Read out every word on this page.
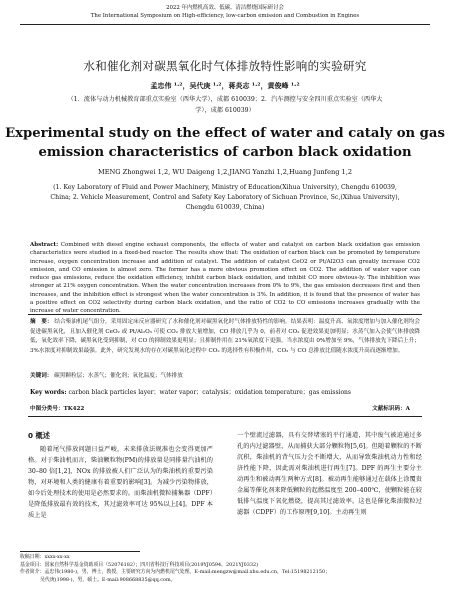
2022 年内燃机高效、低碳、清洁燃烧国际研讨会
The International Symposium on High-efficiency, low-carbon emission and Combustion in Engines
水和催化剂对碳黑氧化时气体排放特性影响的实验研究
孟忠伟 ¹·²，吴代庚 ¹·²，蒋炎志 ¹·²，黄俊峰 ¹·²
（1．流体与动力机械教育部重点实验室（西华大学），成都 610039；2．汽车测控与安全四川重点实验室（西华大学），成都 610039）
Experimental study on the effect of water and cataly on gas emission characteristics of carbon black oxidation
MENG Zhongwei 1,2, WU Daigeng 1,2,JIANG Yanzhi 1,2,Huang Junfeng 1,2
(1. Key Laboratory of Fluid and Power Machinery, Ministry of Education(Xihua University), Chengdu 610039, China; 2. Vehicle Measurement, Control and Safety Key Laboratory of Sichuan Province, Sc,(Xihua University), Chengdu 610039, China)
Abstract: Combined with diesel engine exhaust components, the effects of water and catalyst on carbon black oxidation gas emission characteristics were studied in a fixed-bed reactor. The results show that: The oxidation of carbon black can be promoted by temperature increase, oxygen concentration increase and addition of catalyst. The addition of catalyst CeO2 or Pt/Al2O3 can greatly increase CO2 emission, and CO emission is almost zero. The former has a more obvious promotion effect on CO2. The addition of water vapor can reduce gas emissions, reduce the oxidation efficiency, inhibit carbon black oxidation, and inhibit CO more obvious-ly. The inhibition was stronger at 21% oxygen concentration. When the water concentration increases from 0% to 9%, the gas emission decreases first and then increases, and the inhibition effect is strongest when the water concentration is 3%. In addition, it is found that the presence of water has a positive effect on CO2 selectivity during carbon black oxidation, and the ratio of CO2 to CO emissions increases gradually with the increase of water concentration.
摘　要： 结合柴油机尾气组分，采用固定床反应器研究了水和催化剂对碳黑氧化时气体排放特性的影响。结果表明：温度升高、氧浓度增加与加入催化剂均会促进碳黑氧化，且加入催化剂 CeO₂ 或 Pt/Al₂O₃ 可使 CO₂ 排放大量增加，CO 排放几乎为 0，前者对 CO₂ 促进效果更加明显；水蒸气加入会使气体排放降低，氧化效率下降，碳黑氧化受到抑制，对 CO 的抑制效果更明显；且抑制作用在 21%氧浓度下更强。当水浓度由 0%增加至 9%，气体排放先下降后上升；3%水浓度对抑制效果最强。此外，研究发现水的存在对碳黑氧化过程中 CO₂ 的选择性有积极作用，CO₂ 与 CO 总排放比值随水浓度升高而逐渐增加。
关键词： 碳黑颗粒层；水蒸气；催化剂；氧化温度；气体排放
Key words: carbon black particles layer；water vapor；catalysis；oxidation temperature；gas emissions
中图分类号：TK422	文献标识码：A
0 概述
随着尾气排放问题日益严峻，未来排放法规准也会变得更加严格。对于柴油机而言，柴油颗粒物(PM)的排放量是同排量汽油机的 30–80 倍[1,2]，NOx 的排放被人们广泛认为的柴油机的重要污染物，对环境和人类的健康有着重要的影响[3]。为减少污染物排放，如今后处理技术的使用是必然要求的。而柴油机微粒捕集器（DPF）是降低排放最有效的技术，其过滤效率可达 95%以上[4]。DPF 本质上是
一个壁流过滤器，具有交替堵塞的平行通道，其中废气被迫通过多孔的内过滤器壁，从而捕获大部分颗粒物[5,6]。但随着颗粒的不断沉积，柴油机的背气压力会不断增大，从而导致柴油机动力性和经济性能下降，因此需对柴油机进行再生[7]。DPF 的再生主要分主动再生和被动再生两种方式[8]。被动再生能够通过在载体上涂覆贵金属等催化剂来降低颗粒的起燃温度至 200–400℃，使颗粒能在较低排气温度下氧化燃烧，提高其过滤效率。这也是催化柴油微粒过滤器（CDPF）的工作原理[9,10]。主动再生则
收稿日期：xxxx-xx-xx
基金项目：国家自然科学基金资助项目（52076182）；四川省科技厅科技项目(2019YJ0594、2021YJ0332)
作者简介：孟忠伟(1980-)，男，博士，教授，主要研究方向为内燃机尾气处理。E-mail:mengzw@mail.xhu.edu.cn，Tel:15198212150；
吴代庚(1998-)，男，硕士。E-mail:908668835@qq.com。
